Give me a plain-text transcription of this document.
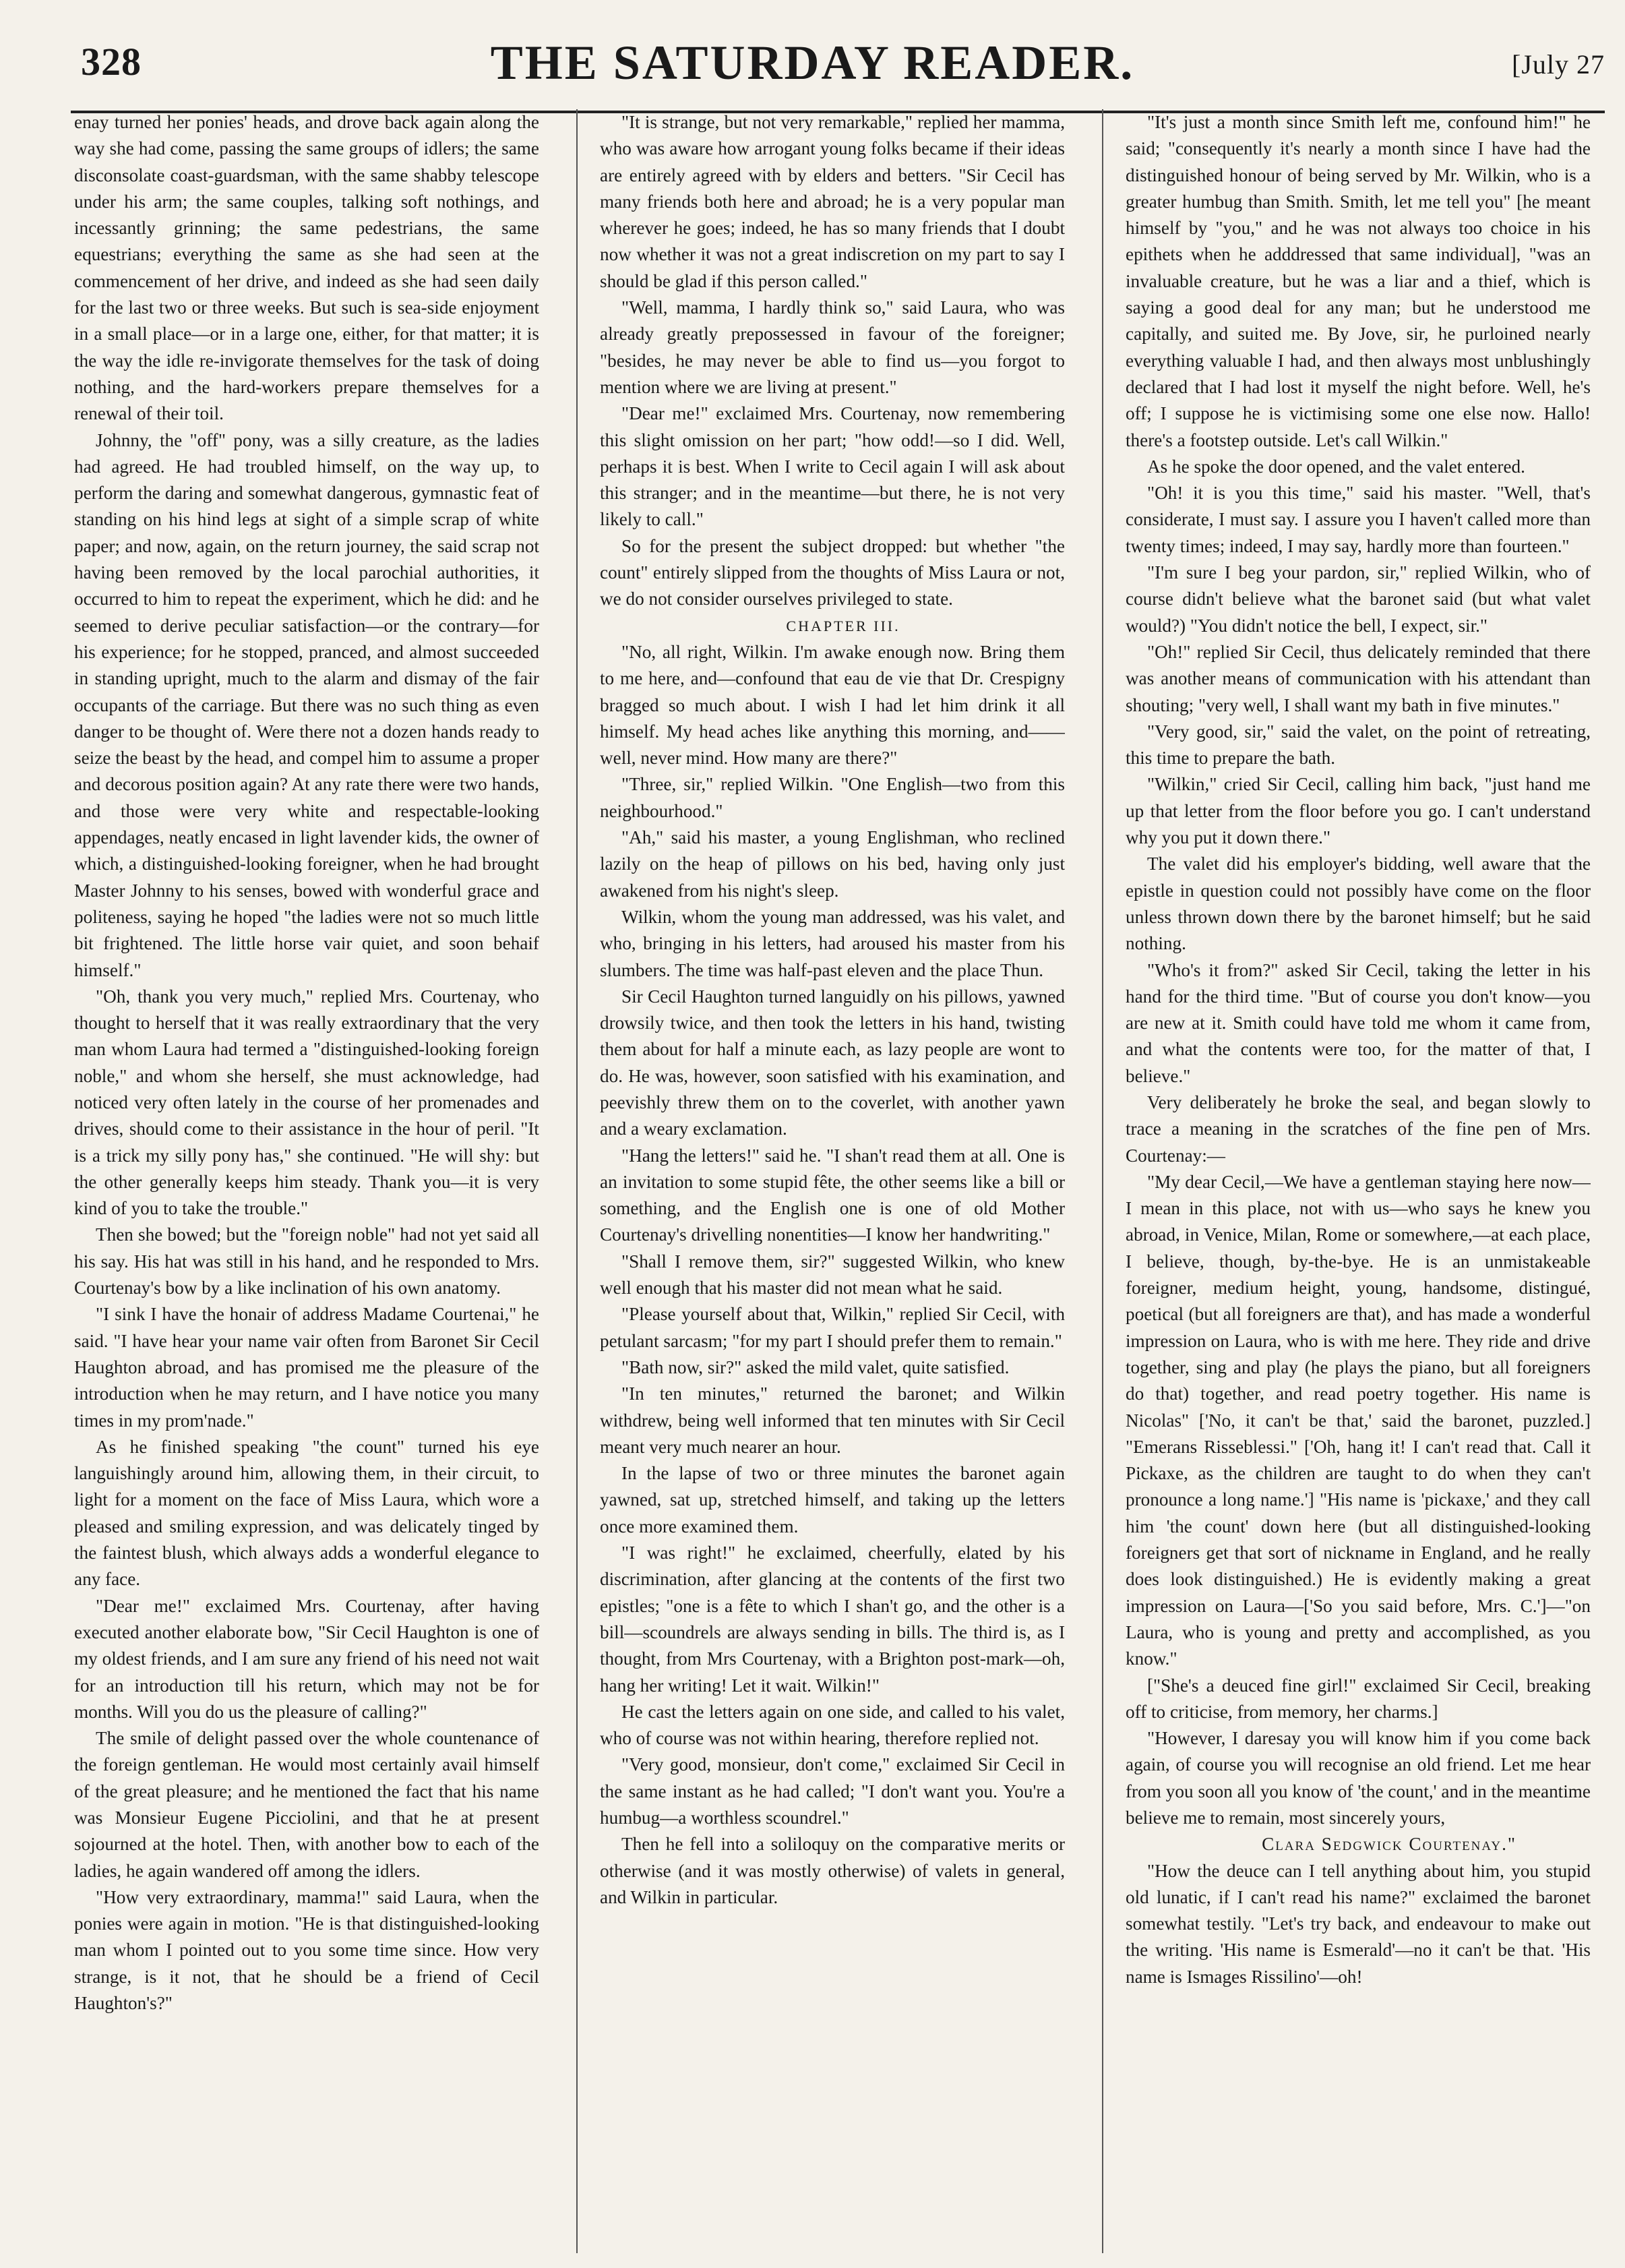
328	THE SATURDAY READER.	[July 27

enay turned her ponies' heads, and drove back again along the way she had come, passing the same groups of idlers; the same disconsolate coast-guardsman, with the same shabby telescope under his arm; the same couples, talking soft nothings, and incessantly grinning; the same pedestrians, the same equestrians; everything the same as she had seen at the commencement of her drive, and indeed as she had seen daily for the last two or three weeks. But such is sea-side enjoyment in a small place—or in a large one, either, for that matter; it is the way the idle re-invigorate themselves for the task of doing nothing, and the hard-workers prepare themselves for a renewal of their toil.

Johnny, the "off" pony, was a silly creature, as the ladies had agreed. He had troubled himself, on the way up, to perform the daring and somewhat dangerous, gymnastic feat of standing on his hind legs at sight of a simple scrap of white paper; and now, again, on the return journey, the said scrap not having been removed by the local parochial authorities, it occurred to him to repeat the experiment, which he did: and he seemed to derive peculiar satisfaction—or the contrary—for his experience; for he stopped, pranced, and almost succeeded in standing upright, much to the alarm and dismay of the fair occupants of the carriage. But there was no such thing as even danger to be thought of. Were there not a dozen hands ready to seize the beast by the head, and compel him to assume a proper and decorous position again? At any rate there were two hands, and those were very white and respectable-looking appendages, neatly encased in light lavender kids, the owner of which, a distinguished-looking foreigner, when he had brought Master Johnny to his senses, bowed with wonderful grace and politeness, saying he hoped "the ladies were not so much little bit frightened. The little horse vair quiet, and soon behaif himself."

"Oh, thank you very much," replied Mrs. Courtenay, who thought to herself that it was really extraordinary that the very man whom Laura had termed a "distinguished-looking foreign noble," and whom she herself, she must acknowledge, had noticed very often lately in the course of her promenades and drives, should come to their assistance in the hour of peril. "It is a trick my silly pony has," she continued. "He will shy: but the other generally keeps him steady. Thank you—it is very kind of you to take the trouble."

Then she bowed; but the "foreign noble" had not yet said all his say. His hat was still in his hand, and he responded to Mrs. Courtenay's bow by a like inclination of his own anatomy.

"I sink I have the honair of address Madame Courtenai," he said. "I have hear your name vair often from Baronet Sir Cecil Haughton abroad, and has promised me the pleasure of the introduction when he may return, and I have notice you many times in my prom'nade."

As he finished speaking "the count" turned his eye languishingly around him, allowing them, in their circuit, to light for a moment on the face of Miss Laura, which wore a pleased and smiling expression, and was delicately tinged by the faintest blush, which always adds a wonderful elegance to any face.

"Dear me!" exclaimed Mrs. Courtenay, after having executed another elaborate bow, "Sir Cecil Haughton is one of my oldest friends, and I am sure any friend of his need not wait for an introduction till his return, which may not be for months. Will you do us the pleasure of calling?"

The smile of delight passed over the whole countenance of the foreign gentleman. He would most certainly avail himself of the great pleasure; and he mentioned the fact that his name was Monsieur Eugene Picciolini, and that he at present sojourned at the hotel. Then, with another bow to each of the ladies, he again wandered off among the idlers.

"How very extraordinary, mamma!" said Laura, when the ponies were again in motion. "He is that distinguished-looking man whom I pointed out to you some time since. How very strange, is it not, that he should be a friend of Cecil Haughton's?"

"It is strange, but not very remarkable," replied her mamma, who was aware how arrogant young folks became if their ideas are entirely agreed with by elders and betters. "Sir Cecil has many friends both here and abroad; he is a very popular man wherever he goes; indeed, he has so many friends that I doubt now whether it was not a great indiscretion on my part to say I should be glad if this person called."

"Well, mamma, I hardly think so," said Laura, who was already greatly prepossessed in favour of the foreigner; "besides, he may never be able to find us—you forgot to mention where we are living at present."

"Dear me!" exclaimed Mrs. Courtenay, now remembering this slight omission on her part; "how odd!—so I did. Well, perhaps it is best. When I write to Cecil again I will ask about this stranger; and in the meantime—but there, he is not very likely to call."

So for the present the subject dropped: but whether "the count" entirely slipped from the thoughts of Miss Laura or not, we do not consider ourselves privileged to state.

CHAPTER III.

"No, all right, Wilkin. I'm awake enough now. Bring them to me here, and—confound that eau de vie that Dr. Crespigny bragged so much about. I wish I had let him drink it all himself. My head aches like anything this morning, and——well, never mind. How many are there?"

"Three, sir," replied Wilkin. "One English—two from this neighbourhood."

"Ah," said his master, a young Englishman, who reclined lazily on the heap of pillows on his bed, having only just awakened from his night's sleep.

Wilkin, whom the young man addressed, was his valet, and who, bringing in his letters, had aroused his master from his slumbers. The time was half-past eleven and the place Thun.

Sir Cecil Haughton turned languidly on his pillows, yawned drowsily twice, and then took the letters in his hand, twisting them about for half a minute each, as lazy people are wont to do. He was, however, soon satisfied with his examination, and peevishly threw them on to the coverlet, with another yawn and a weary exclamation.

"Hang the letters!" said he. "I shan't read them at all. One is an invitation to some stupid fête, the other seems like a bill or something, and the English one is one of old Mother Courtenay's drivelling nonentities—I know her handwriting."

"Shall I remove them, sir?" suggested Wilkin, who knew well enough that his master did not mean what he said.

"Please yourself about that, Wilkin," replied Sir Cecil, with petulant sarcasm; "for my part I should prefer them to remain."

"Bath now, sir?" asked the mild valet, quite satisfied.

"In ten minutes," returned the baronet; and Wilkin withdrew, being well informed that ten minutes with Sir Cecil meant very much nearer an hour.

In the lapse of two or three minutes the baronet again yawned, sat up, stretched himself, and taking up the letters once more examined them.

"I was right!" he exclaimed, cheerfully, elated by his discrimination, after glancing at the contents of the first two epistles; "one is a fête to which I shan't go, and the other is a bill—scoundrels are always sending in bills. The third is, as I thought, from Mrs Courtenay, with a Brighton post-mark—oh, hang her writing! Let it wait. Wilkin!"

He cast the letters again on one side, and called to his valet, who of course was not within hearing, therefore replied not.

"Very good, monsieur, don't come," exclaimed Sir Cecil in the same instant as he had called; "I don't want you. You're a humbug—a worthless scoundrel."

Then he fell into a soliloquy on the comparative merits or otherwise (and it was mostly otherwise) of valets in general, and Wilkin in particular.

"It's just a month since Smith left me, confound him!" he said; "consequently it's nearly a month since I have had the distinguished honour of being served by Mr. Wilkin, who is a greater humbug than Smith. Smith, let me tell you" [he meant himself by "you," and he was not always too choice in his epithets when he adddressed that same individual], "was an invaluable creature, but he was a liar and a thief, which is saying a good deal for any man; but he understood me capitally, and suited me. By Jove, sir, he purloined nearly everything valuable I had, and then always most unblushingly declared that I had lost it myself the night before. Well, he's off; I suppose he is victimising some one else now. Hallo! there's a footstep outside. Let's call Wilkin."

As he spoke the door opened, and the valet entered.

"Oh! it is you this time," said his master. "Well, that's considerate, I must say. I assure you I haven't called more than twenty times; indeed, I may say, hardly more than fourteen."

"I'm sure I beg your pardon, sir," replied Wilkin, who of course didn't believe what the baronet said (but what valet would?) "You didn't notice the bell, I expect, sir."

"Oh!" replied Sir Cecil, thus delicately reminded that there was another means of communication with his attendant than shouting; "very well, I shall want my bath in five minutes."

"Very good, sir," said the valet, on the point of retreating, this time to prepare the bath.

"Wilkin," cried Sir Cecil, calling him back, "just hand me up that letter from the floor before you go. I can't understand why you put it down there."

The valet did his employer's bidding, well aware that the epistle in question could not possibly have come on the floor unless thrown down there by the baronet himself; but he said nothing.

"Who's it from?" asked Sir Cecil, taking the letter in his hand for the third time. "But of course you don't know—you are new at it. Smith could have told me whom it came from, and what the contents were too, for the matter of that, I believe."

Very deliberately he broke the seal, and began slowly to trace a meaning in the scratches of the fine pen of Mrs. Courtenay:—

"My dear Cecil,—We have a gentleman staying here now—I mean in this place, not with us—who says he knew you abroad, in Venice, Milan, Rome or somewhere,—at each place, I believe, though, by-the-bye. He is an unmistakeable foreigner, medium height, young, handsome, distingué, poetical (but all foreigners are that), and has made a wonderful impression on Laura, who is with me here. They ride and drive together, sing and play (he plays the piano, but all foreigners do that) together, and read poetry together. His name is Nicolas" ['No, it can't be that,' said the baronet, puzzled.] "Emerans Risseblessi." ['Oh, hang it! I can't read that. Call it Pickaxe, as the children are taught to do when they can't pronounce a long name.'] "His name is 'pickaxe,' and they call him 'the count' down here (but all distinguished-looking foreigners get that sort of nickname in England, and he really does look distinguished.) He is evidently making a great impression on Laura—['So you said before, Mrs. C.']—"on Laura, who is young and pretty and accomplished, as you know."

["She's a deuced fine girl!" exclaimed Sir Cecil, breaking off to criticise, from memory, her charms.]

"However, I daresay you will know him if you come back again, of course you will recognise an old friend. Let me hear from you soon all you know of 'the count,' and in the meantime believe me to remain, most sincerely yours,

Clara Sedgwick Courtenay."

"How the deuce can I tell anything about him, you stupid old lunatic, if I can't read his name?" exclaimed the baronet somewhat testily. "Let's try back, and endeavour to make out the writing. 'His name is Esmerald'—no it can't be that. 'His name is Ismages Rissilino'—oh!
